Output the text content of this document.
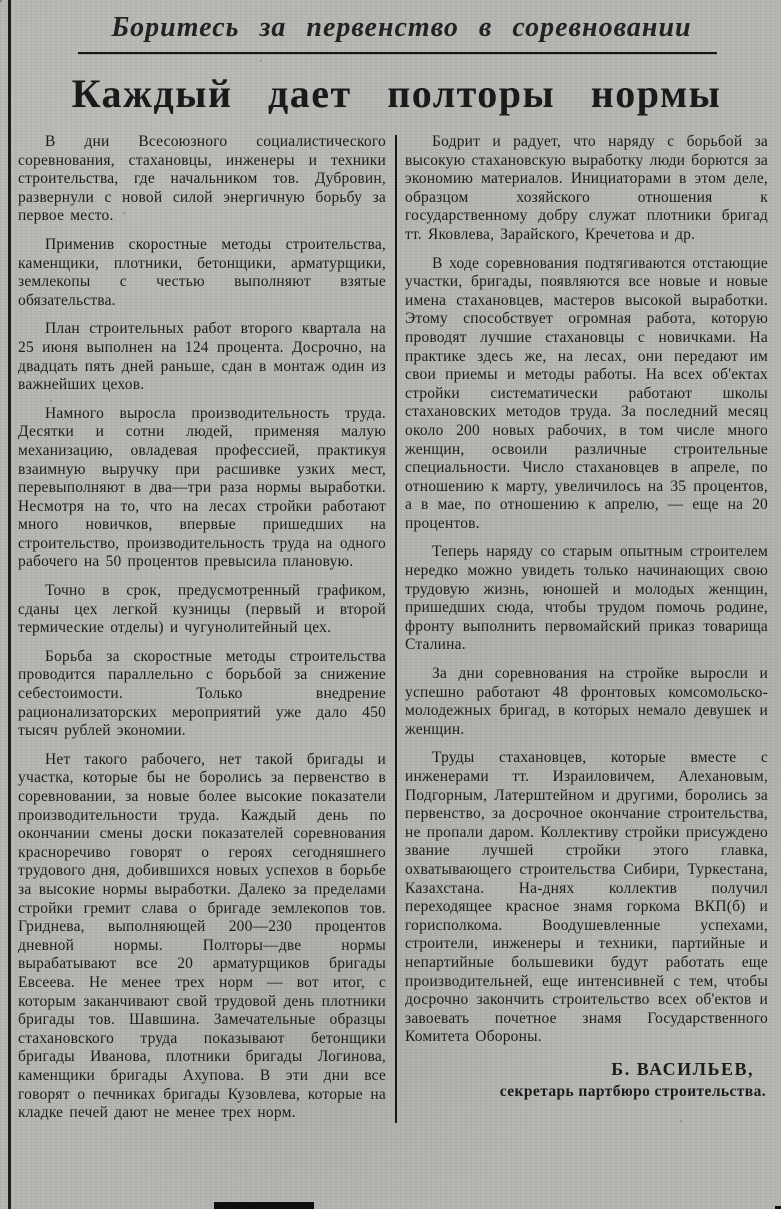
Боритесь за первенство в соревновании
Каждый дает полторы нормы

В дни Всесоюзного социалистического соревнования, стахановцы, инженеры и техники строительства, где начальником тов. Дубровин, развернули с новой силой энергичную борьбу за первое место.

Применив скоростные методы строительства, каменщики, плотники, бетонщики, арматурщики, землекопы с честью выполняют взятые обязательства.

План строительных работ второго квартала на 25 июня выполнен на 124 процента. Досрочно, на двадцать пять дней раньше, сдан в монтаж один из важнейших цехов.

Намного выросла производительность труда. Десятки и сотни людей, применяя малую механизацию, овладевая профессией, практикуя взаимную выручку при расшивке узких мест, перевыполняют в два—три раза нормы выработки. Несмотря на то, что на лесах стройки работают много новичков, впервые пришедших на строительство, производительность труда на одного рабочего на 50 процентов превысила плановую.

Точно в срок, предусмотренный графиком, сданы цех легкой кузницы (первый и второй термические отделы) и чугунолитейный цех.

Борьба за скоростные методы строительства проводится параллельно с борьбой за снижение себестоимости. Только внедрение рационализаторских мероприятий уже дало 450 тысяч рублей экономии.

Нет такого рабочего, нет такой бригады и участка, которые бы не боролись за первенство в соревновании, за новые более высокие показатели производительности труда. Каждый день по окончании смены доски показателей соревнования красноречиво говорят о героях сегодняшнего трудового дня, добившихся новых успехов в борьбе за высокие нормы выработки. Далеко за пределами стройки гремит слава о бригаде землекопов тов. Гриднева, выполняющей 200—230 процентов дневной нормы. Полторы—две нормы вырабатывают все 20 арматурщиков бригады Евсеева. Не менее трех норм — вот итог, с которым заканчивают свой трудовой день плотники бригады тов. Шавшина. Замечательные образцы стахановского труда показывают бетонщики бригады Иванова, плотники бригады Логинова, каменщики бригады Ахупова. В эти дни все говорят о печниках бригады Кузовлева, которые на кладке печей дают не менее трех норм.

Бодрит и радует, что наряду с борьбой за высокую стахановскую выработку люди борются за экономию материалов. Инициаторами в этом деле, образцом хозяйского отношения к государственному добру служат плотники бригад тт. Яковлева, Зарайского, Кречетова и др.

В ходе соревнования подтягиваются отстающие участки, бригады, появляются все новые и новые имена стахановцев, мастеров высокой выработки. Этому способствует огромная работа, которую проводят лучшие стахановцы с новичками. На практике здесь же, на лесах, они передают им свои приемы и методы работы. На всех об'ектах стройки систематически работают школы стахановских методов труда. За последний месяц около 200 новых рабочих, в том числе много женщин, освоили различные строительные специальности. Число стахановцев в апреле, по отношению к марту, увеличилось на 35 процентов, а в мае, по отношению к апрелю, — еще на 20 процентов.

Теперь наряду со старым опытным строителем нередко можно увидеть только начинающих свою трудовую жизнь, юношей и молодых женщин, пришедших сюда, чтобы трудом помочь родине, фронту выполнить первомайский приказ товарища Сталина.

За дни соревнования на стройке выросли и успешно работают 48 фронтовых комсомольско-молодежных бригад, в которых немало девушек и женщин.

Труды стахановцев, которые вместе с инженерами тт. Израиловичем, Алехановым, Подгорным, Латерштейном и другими, боролись за первенство, за досрочное окончание строительства, не пропали даром. Коллективу стройки присуждено звание лучшей стройки этого главка, охватывающего строительства Сибири, Туркестана, Казахстана. На-днях коллектив получил переходящее красное знамя горкома ВКП(б) и горисполкома. Воодушевленные успехами, строители, инженеры и техники, партийные и непартийные большевики будут работать еще производительней, еще интенсивней с тем, чтобы досрочно закончить строительство всех об'ектов и завоевать почетное знамя Государственного Комитета Обороны.

Б. ВАСИЛЬЕВ,
секретарь партбюро строительства.
